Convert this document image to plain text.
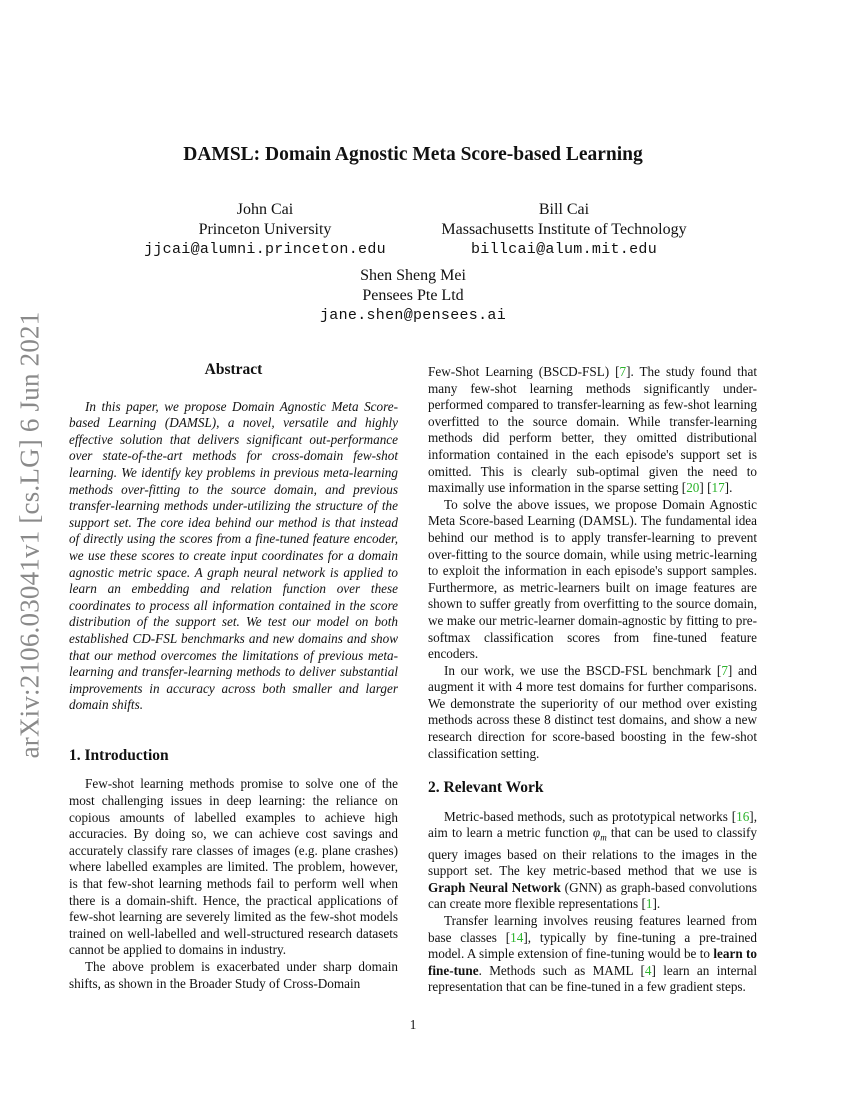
arXiv:2106.03041v1 [cs.LG] 6 Jun 2021
DAMSL: Domain Agnostic Meta Score-based Learning
John Cai
Princeton University
jjcai@alumni.princeton.edu
Bill Cai
Massachusetts Institute of Technology
billcai@alum.mit.edu
Shen Sheng Mei
Pensees Pte Ltd
jane.shen@pensees.ai
Abstract

In this paper, we propose Domain Agnostic Meta Score-based Learning (DAMSL), a novel, versatile and highly effective solution that delivers significant out-performance over state-of-the-art methods for cross-domain few-shot learning. We identify key problems in previous meta-learning methods over-fitting to the source domain, and previous transfer-learning methods under-utilizing the structure of the support set. The core idea behind our method is that instead of directly using the scores from a fine-tuned feature encoder, we use these scores to create input coordinates for a domain agnostic metric space. A graph neural network is applied to learn an embedding and relation function over these coordinates to process all information contained in the score distribution of the support set. We test our model on both established CD-FSL benchmarks and new domains and show that our method overcomes the limitations of previous meta-learning and transfer-learning methods to deliver substantial improvements in accuracy across both smaller and larger domain shifts.

1. Introduction

Few-shot learning methods promise to solve one of the most challenging issues in deep learning: the reliance on copious amounts of labelled examples to achieve high accuracies. By doing so, we can achieve cost savings and accurately classify rare classes of images (e.g. plane crashes) where labelled examples are limited. The problem, however, is that few-shot learning methods fail to perform well when there is a domain-shift. Hence, the practical applications of few-shot learning are severely limited as the few-shot models trained on well-labelled and well-structured research datasets cannot be applied to domains in industry.

The above problem is exacerbated under sharp domain shifts, as shown in the Broader Study of Cross-Domain

Few-Shot Learning (BSCD-FSL) [7]. The study found that many few-shot learning methods significantly under-performed compared to transfer-learning as few-shot learning overfitted to the source domain. While transfer-learning methods did perform better, they omitted distributional information contained in the each episode's support set is omitted. This is clearly sub-optimal given the need to maximally use information in the sparse setting [20] [17].

To solve the above issues, we propose Domain Agnostic Meta Score-based Learning (DAMSL). The fundamental idea behind our method is to apply transfer-learning to prevent over-fitting to the source domain, while using metric-learning to exploit the information in each episode's support samples. Furthermore, as metric-learners built on image features are shown to suffer greatly from overfitting to the source domain, we make our metric-learner domain-agnostic by fitting to pre-softmax classification scores from fine-tuned feature encoders.

In our work, we use the BSCD-FSL benchmark [7] and augment it with 4 more test domains for further comparisons. We demonstrate the superiority of our method over existing methods across these 8 distinct test domains, and show a new research direction for score-based boosting in the few-shot classification setting.

2. Relevant Work

Metric-based methods, such as prototypical networks [16], aim to learn a metric function $\varphi_m$ that can be used to classify query images based on their relations to the images in the support set. The key metric-based method that we use is Graph Neural Network (GNN) as graph-based convolutions can create more flexible representations [1].

Transfer learning involves reusing features learned from base classes [14], typically by fine-tuning a pre-trained model. A simple extension of fine-tuning would be to learn to fine-tune. Methods such as MAML [4] learn an internal representation that can be fine-tuned in a few gradient steps.

1
